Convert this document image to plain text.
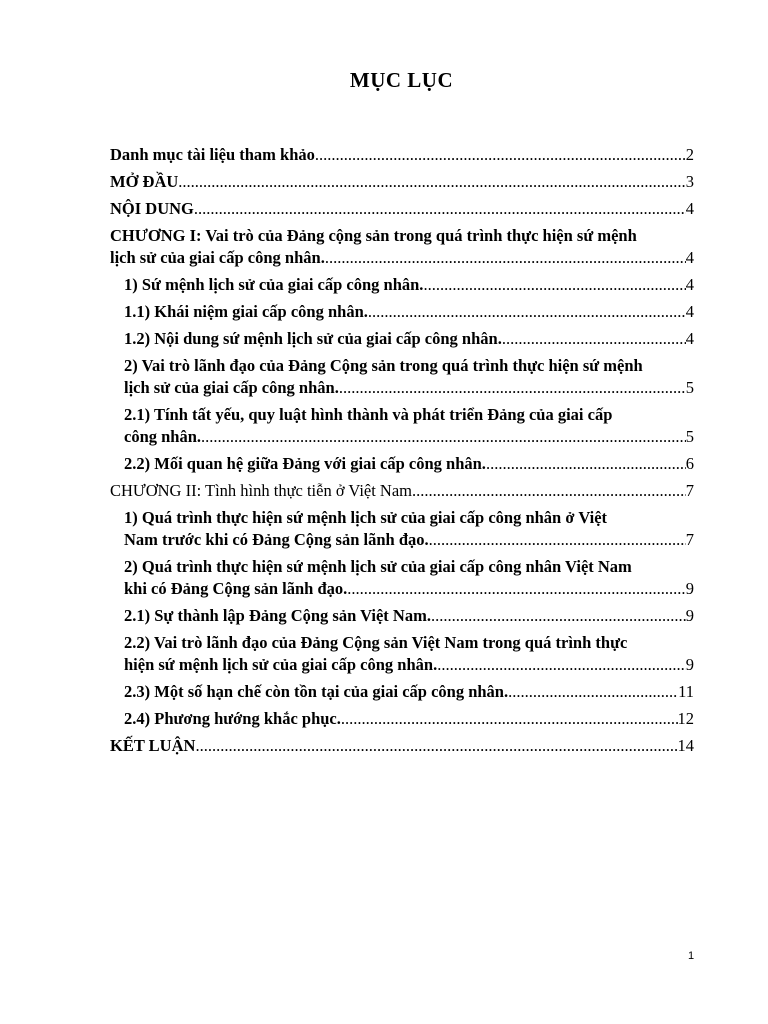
MỤC LỤC
Danh mục tài liệu tham khảo .....	2
MỞ ĐẦU .....	3
NỘI DUNG .....	4
CHƯƠNG I: Vai trò của Đảng cộng sản trong quá trình thực hiện sứ mệnh
lịch sử của giai cấp công nhân. .....	4
1) Sứ mệnh lịch sử của giai cấp công nhân. .....	4
1.1) Khái niệm giai cấp công nhân. .....	4
1.2) Nội dung sứ mệnh lịch sử của giai cấp công nhân. .....	4
2) Vai trò lãnh đạo của Đảng Cộng sản trong quá trình thực hiện sứ mệnh
lịch sử của giai cấp công nhân. .....	5
2.1) Tính tất yếu, quy luật hình thành và phát triển Đảng của giai cấp
công nhân. .....	5
2.2) Mối quan hệ giữa Đảng với giai cấp công nhân. .....	6
CHƯƠNG II: Tình hình thực tiễn ở Việt Nam. .....	7
1) Quá trình thực hiện sứ mệnh lịch sử của giai cấp công nhân ở Việt
Nam trước khi có Đảng Cộng sản lãnh đạo. .....	7
2) Quá trình thực hiện sứ mệnh lịch sử của giai cấp công nhân Việt Nam
khi có Đảng Cộng sản lãnh đạo. .....	9
2.1) Sự thành lập Đảng Cộng sản Việt Nam. .....	9
2.2) Vai trò lãnh đạo của Đảng Cộng sản Việt Nam trong quá trình thực
hiện sứ mệnh lịch sử của giai cấp công nhân. .....	9
2.3) Một số hạn chế còn tồn tại của giai cấp công nhân. .....	11
2.4) Phương hướng khắc phục. .....	12
KẾT LUẬN .....	14
1
